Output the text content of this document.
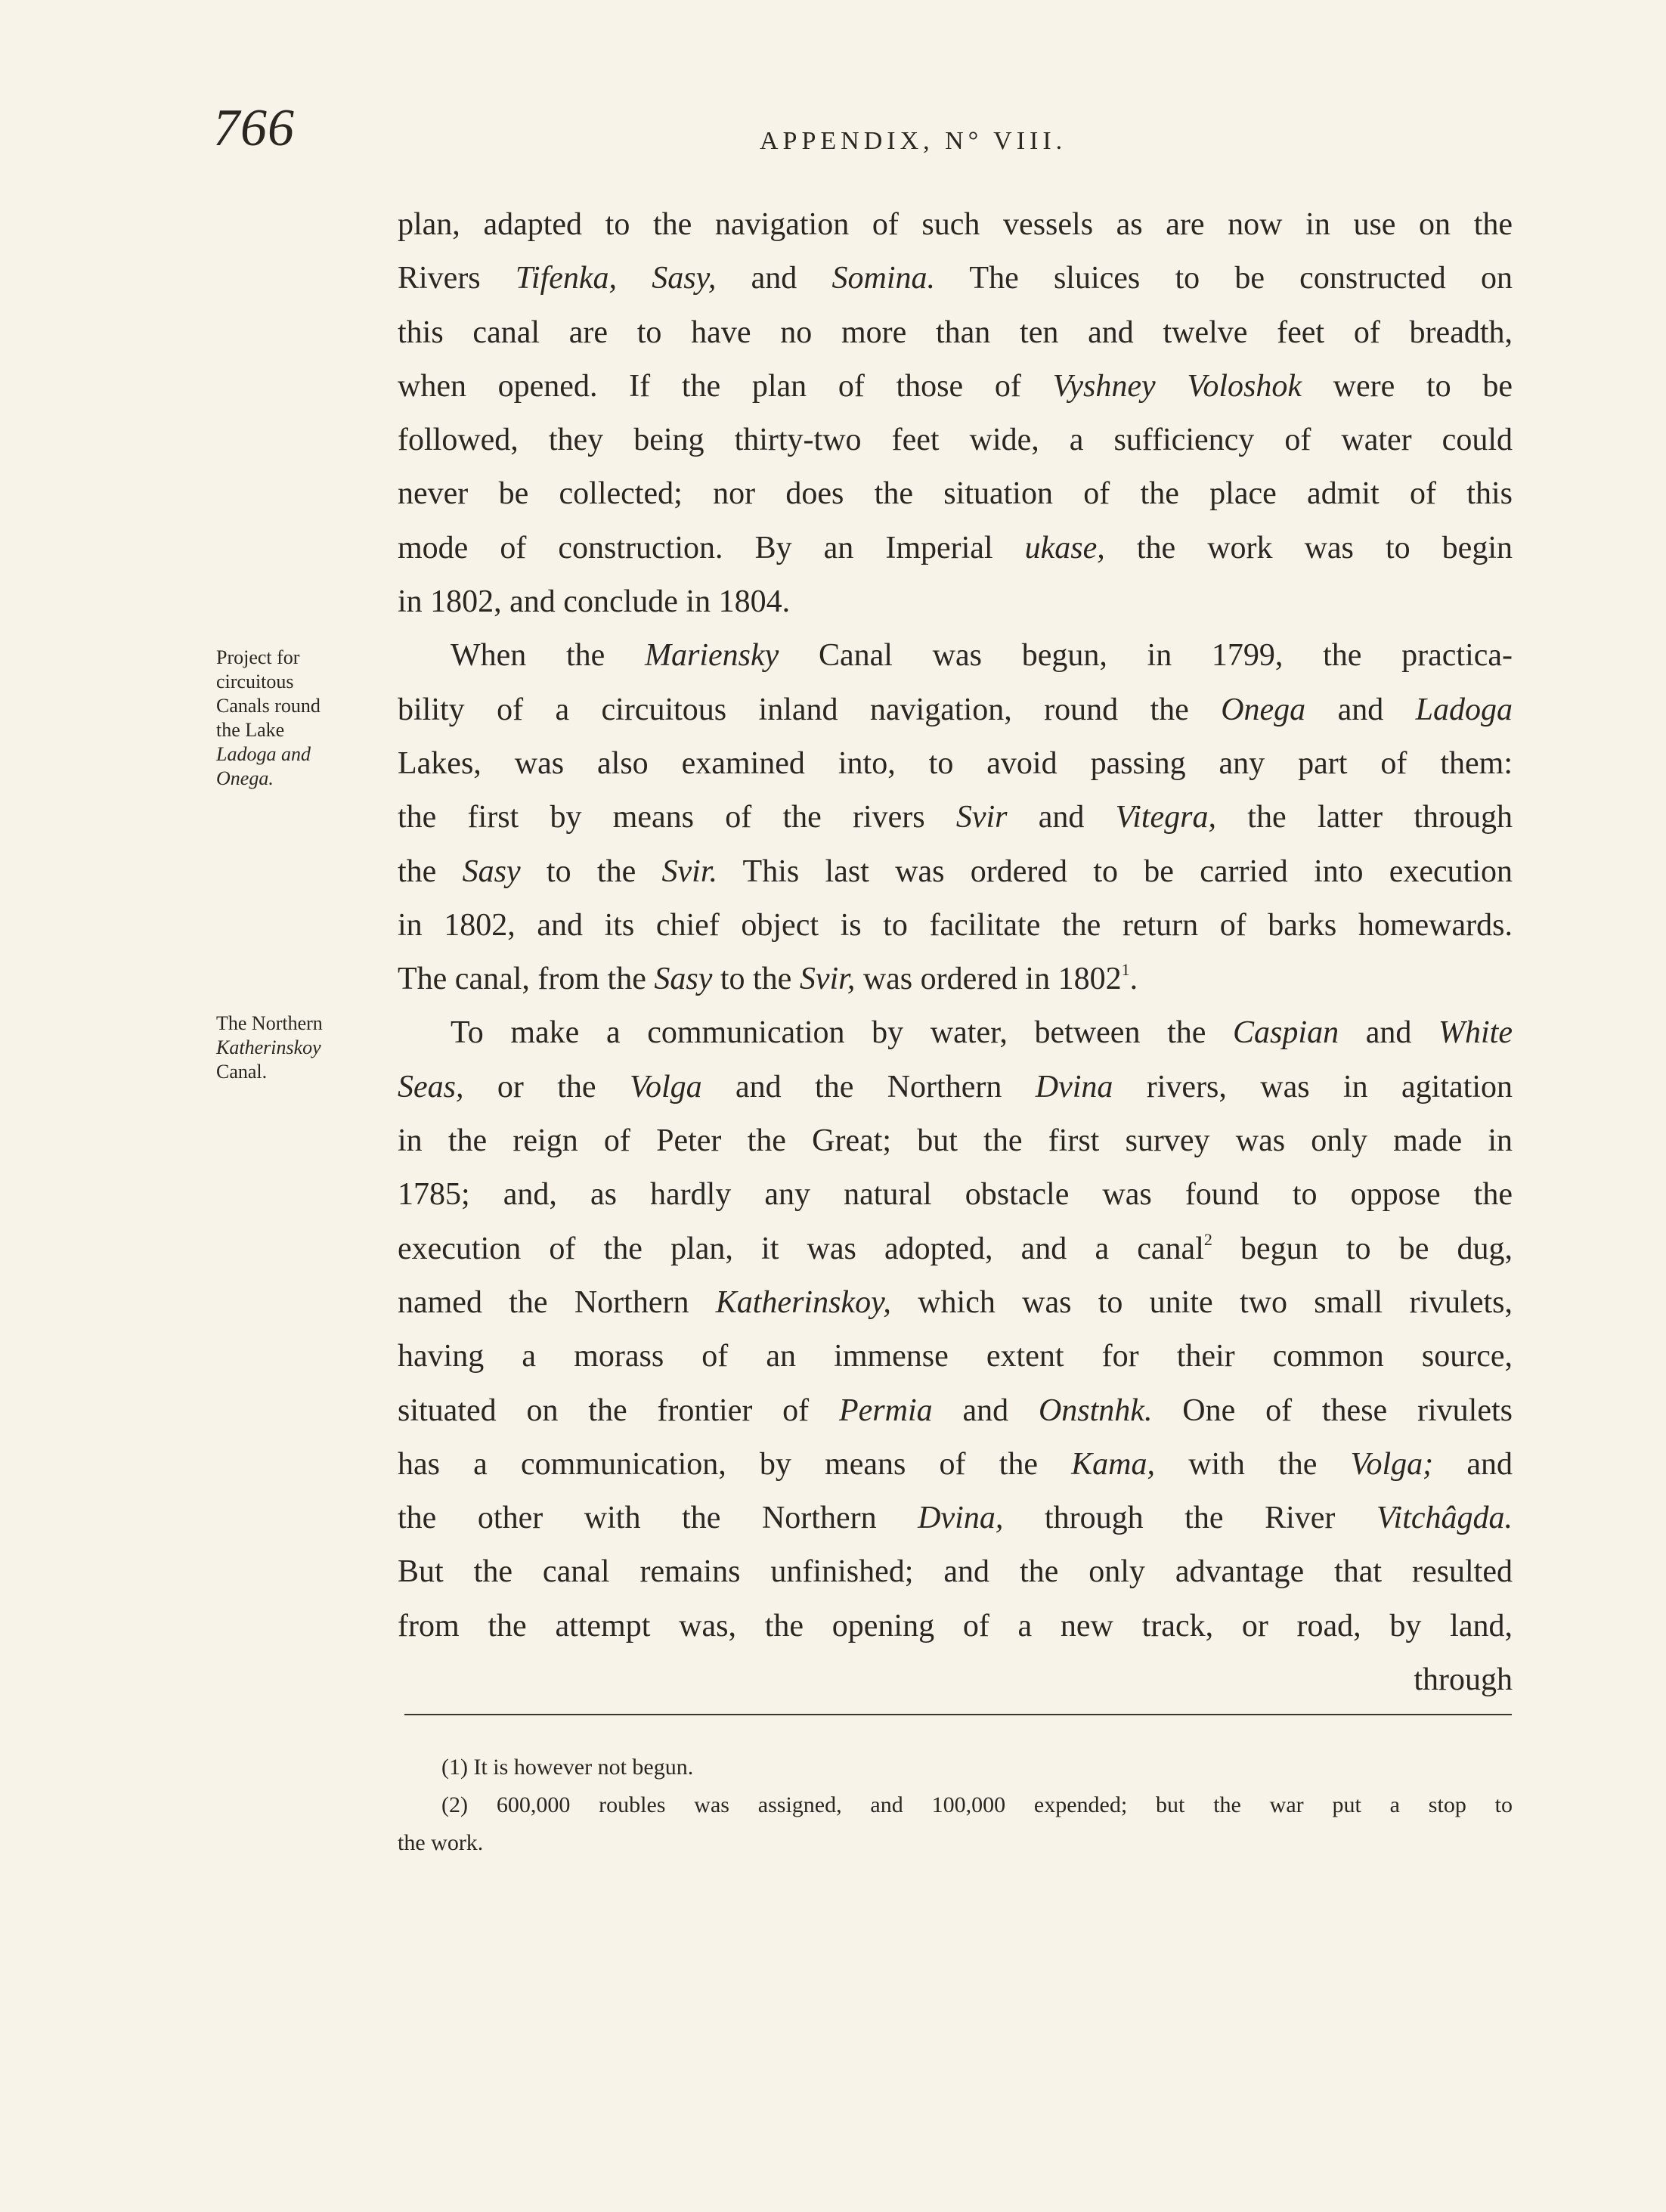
766	APPENDIX, N° VIII.
Project for
circuitous
Canals round
the Lake
Ladoga and
Onega.
The Northern
Katherinskoy
Canal.
plan, adapted to the navigation of such vessels as are now in use on the
Rivers Tifenka, Sasy, and Somina. The sluices to be constructed on
this canal are to have no more than ten and twelve feet of breadth,
when opened. If the plan of those of Vyshney Voloshok were to be
followed, they being thirty-two feet wide, a sufficiency of water could
never be collected; nor does the situation of the place admit of this
mode of construction. By an Imperial ukase, the work was to begin
in 1802, and conclude in 1804.
When the Mariensky Canal was begun, in 1799, the practica-
bility of a circuitous inland navigation, round the Onega and Ladoga
Lakes, was also examined into, to avoid passing any part of them:
the first by means of the rivers Svir and Vitegra, the latter through
the Sasy to the Svir. This last was ordered to be carried into execution
in 1802, and its chief object is to facilitate the return of barks homewards.
The canal, from the Sasy to the Svir, was ordered in 1802$^1$.
To make a communication by water, between the Caspian and White
Seas, or the Volga and the Northern Dvina rivers, was in agitation
in the reign of Peter the Great; but the first survey was only made in
1785; and, as hardly any natural obstacle was found to oppose the
execution of the plan, it was adopted, and a canal$^2$ begun to be dug,
named the Northern Katherinskoy, which was to unite two small rivulets,
having a morass of an immense extent for their common source,
situated on the frontier of Permia and Onstnhk. One of these rivulets
has a communication, by means of the Kama, with the Volga; and
the other with the Northern Dvina, through the River Vitchâgda.
But the canal remains unfinished; and the only advantage that resulted
from the attempt was, the opening of a new track, or road, by land,
through
(1) It is however not begun.
(2) 600,000 roubles was assigned, and 100,000 expended; but the war put a stop to
the work.
